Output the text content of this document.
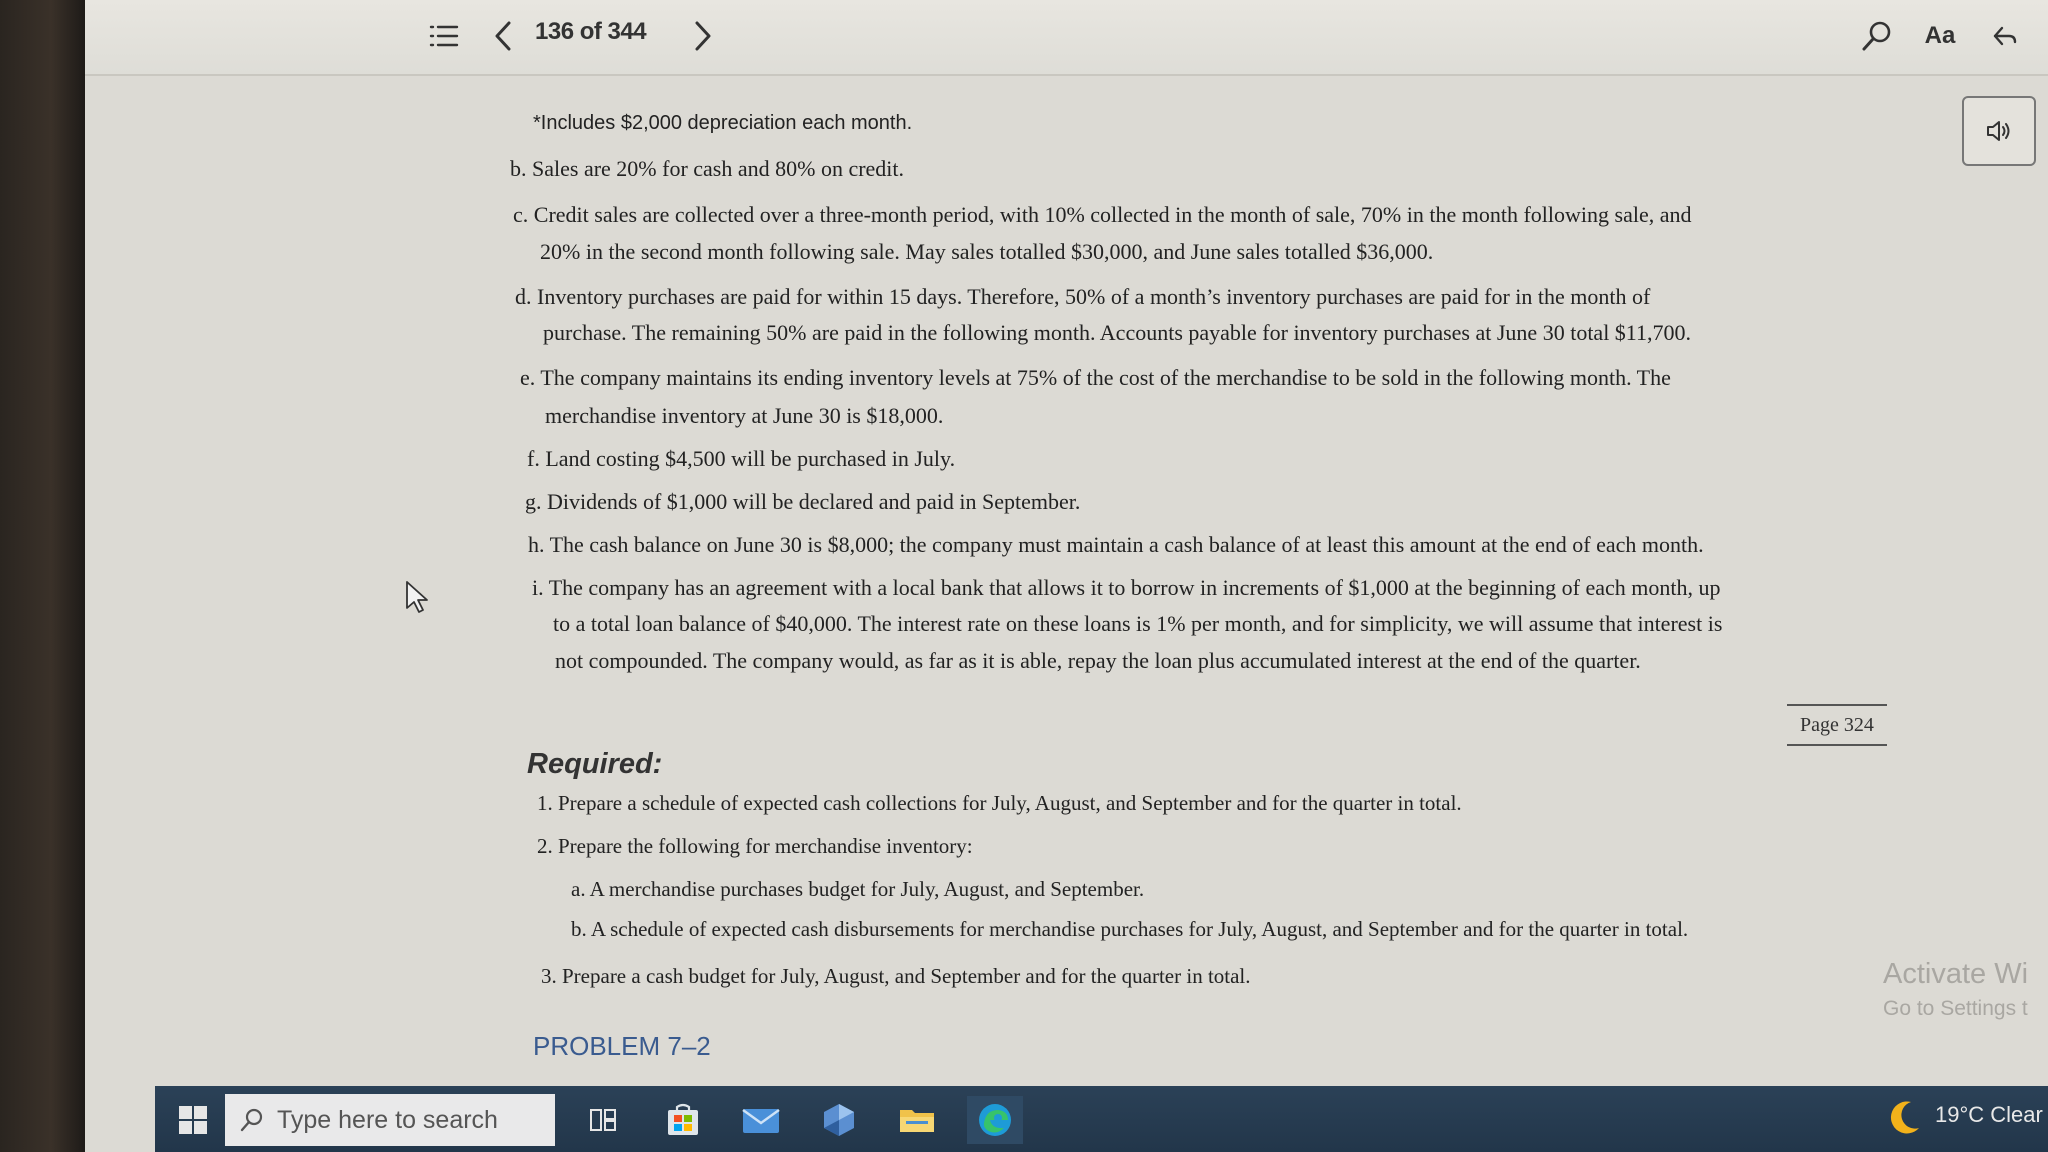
136 of 344	Aa
*Includes $2,000 depreciation each month.
b. Sales are 20% for cash and 80% on credit.
c. Credit sales are collected over a three-month period, with 10% collected in the month of sale, 70% in the month following sale, and
20% in the second month following sale. May sales totalled $30,000, and June sales totalled $36,000.
d. Inventory purchases are paid for within 15 days. Therefore, 50% of a month’s inventory purchases are paid for in the month of
purchase. The remaining 50% are paid in the following month. Accounts payable for inventory purchases at June 30 total $11,700.
e. The company maintains its ending inventory levels at 75% of the cost of the merchandise to be sold in the following month. The
merchandise inventory at June 30 is $18,000.
f. Land costing $4,500 will be purchased in July.
g. Dividends of $1,000 will be declared and paid in September.
h. The cash balance on June 30 is $8,000; the company must maintain a cash balance of at least this amount at the end of each month.
i. The company has an agreement with a local bank that allows it to borrow in increments of $1,000 at the beginning of each month, up
to a total loan balance of $40,000. The interest rate on these loans is 1% per month, and for simplicity, we will assume that interest is
not compounded. The company would, as far as it is able, repay the loan plus accumulated interest at the end of the quarter.
Page 324
Required:
1. Prepare a schedule of expected cash collections for July, August, and September and for the quarter in total.
2. Prepare the following for merchandise inventory:
a. A merchandise purchases budget for July, August, and September.
b. A schedule of expected cash disbursements for merchandise purchases for July, August, and September and for the quarter in total.
3. Prepare a cash budget for July, August, and September and for the quarter in total.
PROBLEM 7–2
Activate Wi
Go to Settings t
Type here to search	19°C Clear
